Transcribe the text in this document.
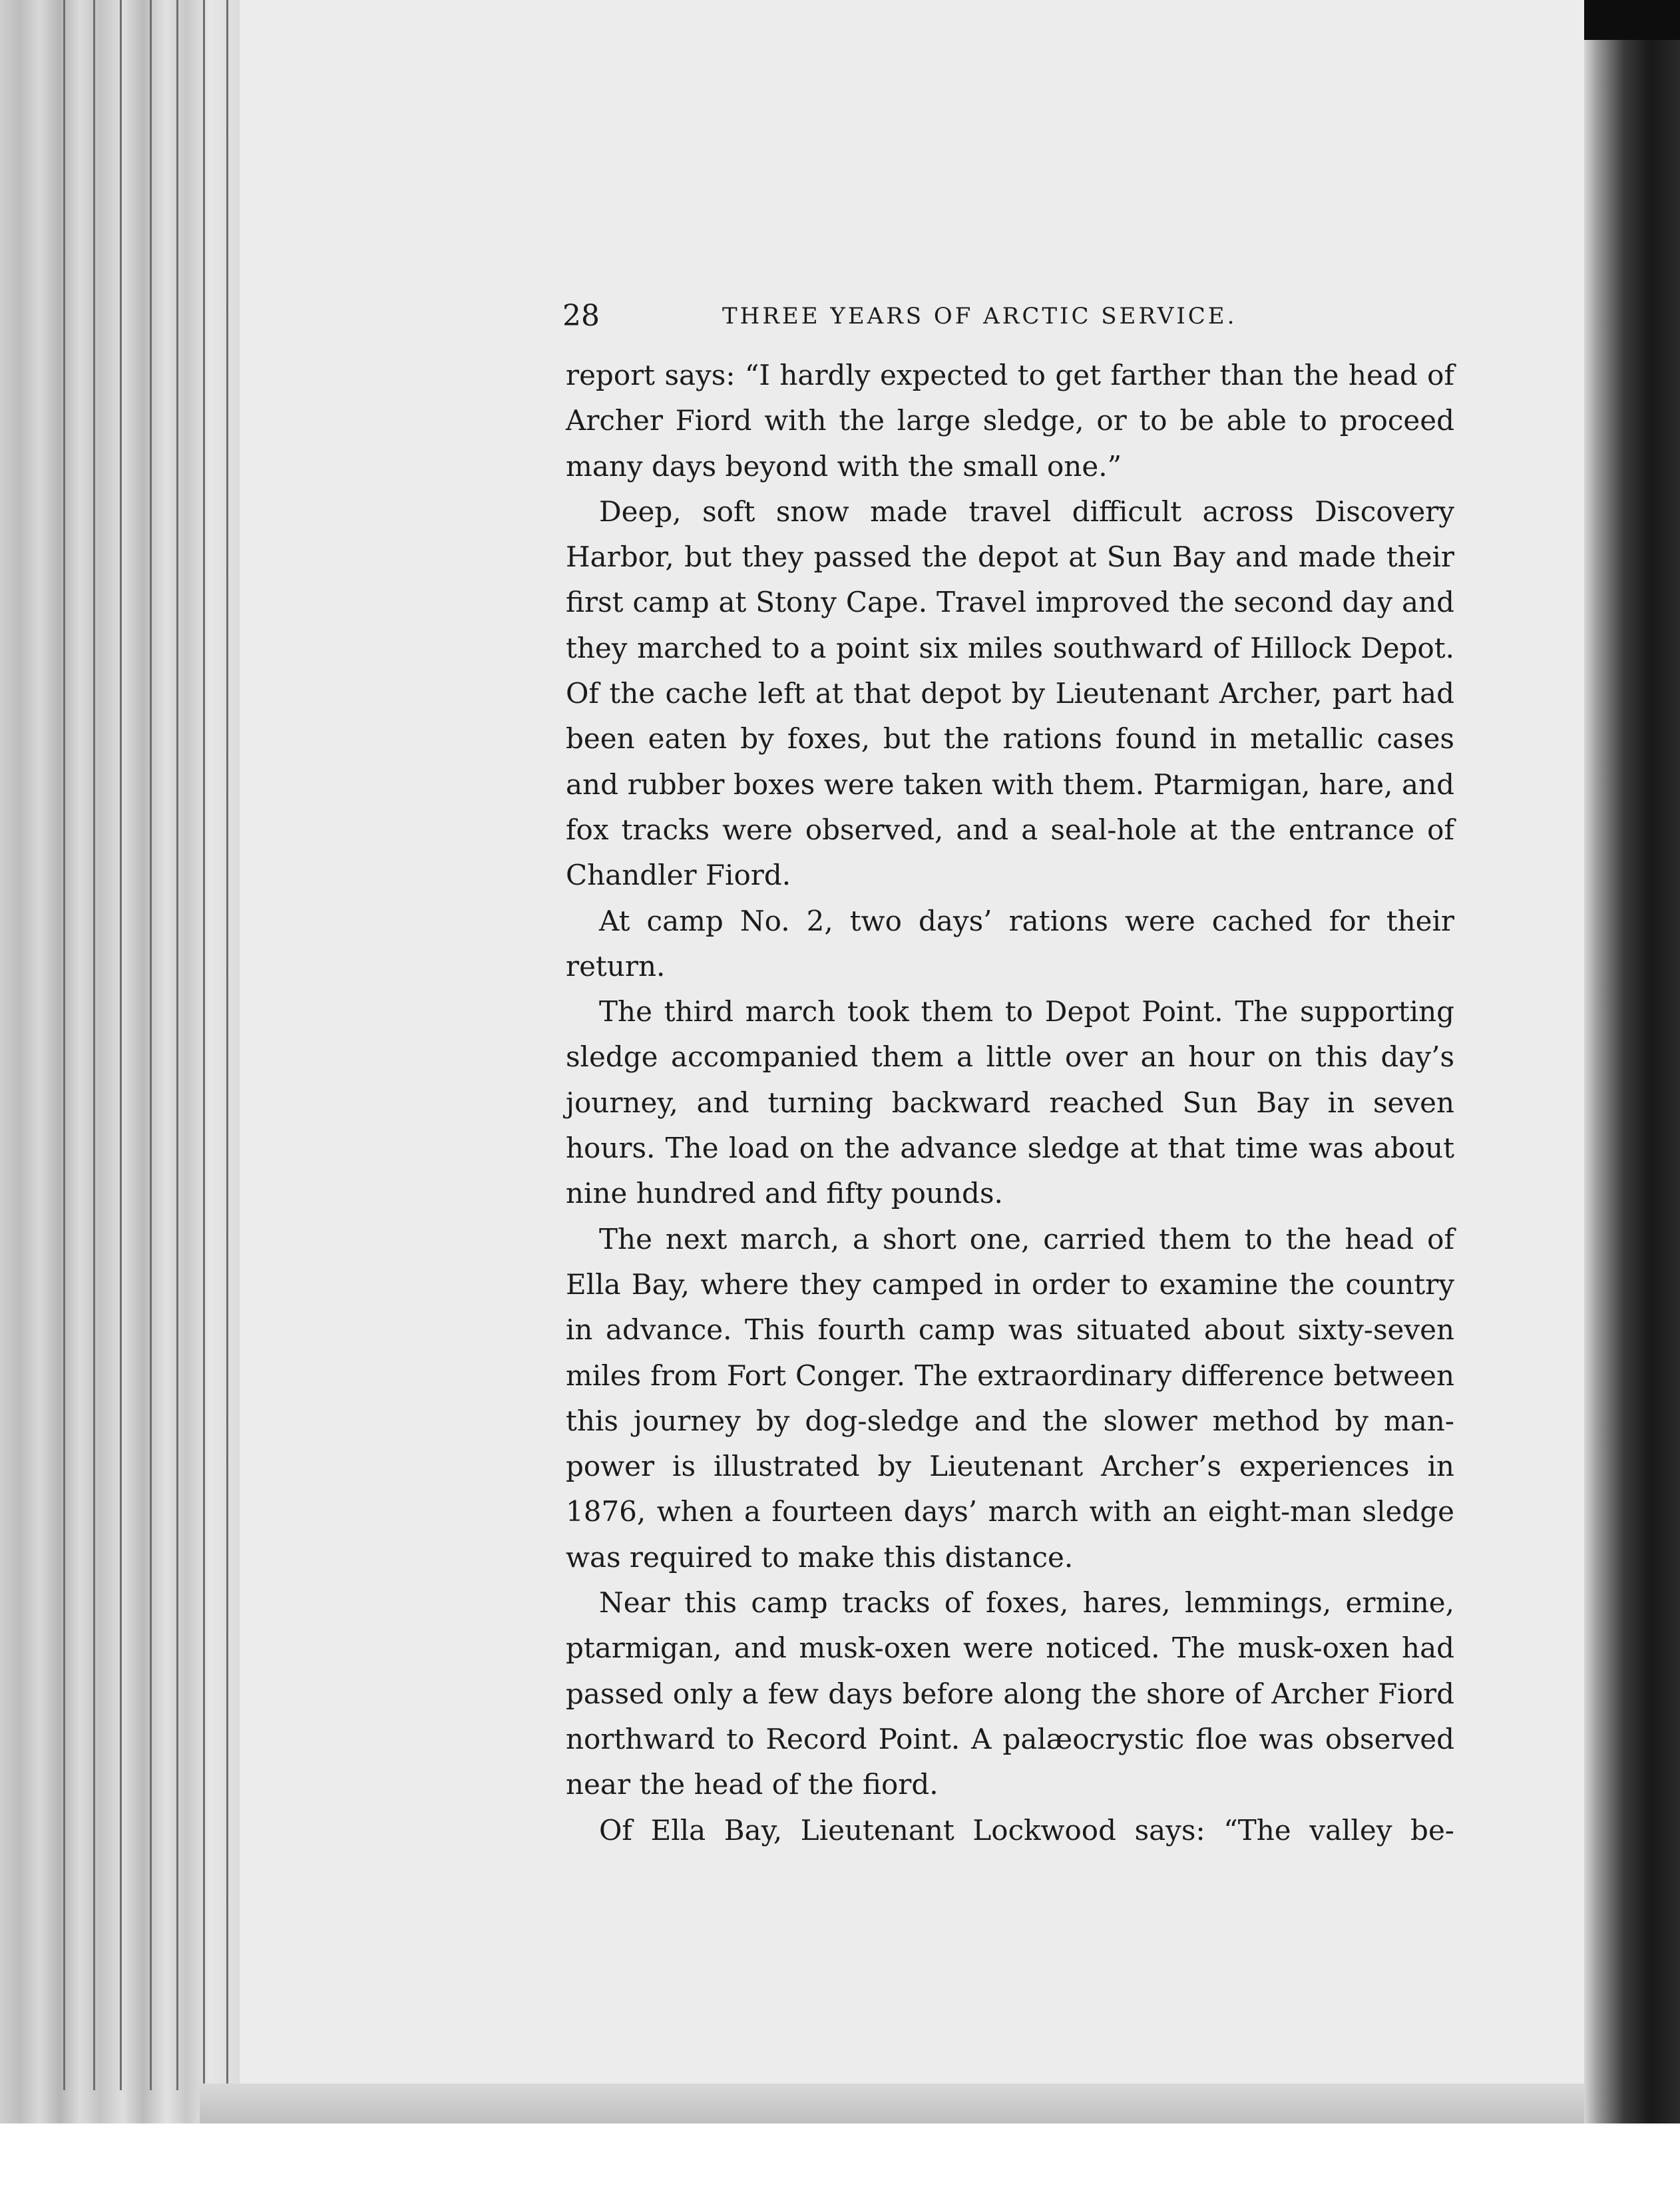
28	THREE YEARS OF ARCTIC SERVICE.

report says: “I hardly expected to get farther than the head of Archer Fiord with the large sledge, or to be able to proceed many days beyond with the small one.”

Deep, soft snow made travel difficult across Discovery Harbor, but they passed the depot at Sun Bay and made their first camp at Stony Cape. Travel improved the second day and they marched to a point six miles southward of Hillock Depot. Of the cache left at that depot by Lieutenant Archer, part had been eaten by foxes, but the rations found in metallic cases and rubber boxes were taken with them. Ptarmigan, hare, and fox tracks were observed, and a seal-hole at the entrance of Chandler Fiord.

At camp No. 2, two days’ rations were cached for their return.

The third march took them to Depot Point. The supporting sledge accompanied them a little over an hour on this day’s journey, and turning backward reached Sun Bay in seven hours. The load on the advance sledge at that time was about nine hundred and fifty pounds.

The next march, a short one, carried them to the head of Ella Bay, where they camped in order to examine the country in advance. This fourth camp was situated about sixty-seven miles from Fort Conger. The extraordinary difference between this journey by dog-sledge and the slower method by man-power is illustrated by Lieutenant Archer’s experiences in 1876, when a fourteen days’ march with an eight-man sledge was required to make this distance.

Near this camp tracks of foxes, hares, lemmings, ermine, ptarmigan, and musk-oxen were noticed. The musk-oxen had passed only a few days before along the shore of Archer Fiord northward to Record Point. A palæocrystic floe was observed near the head of the fiord.

Of Ella Bay, Lieutenant Lockwood says: “The valley be-
